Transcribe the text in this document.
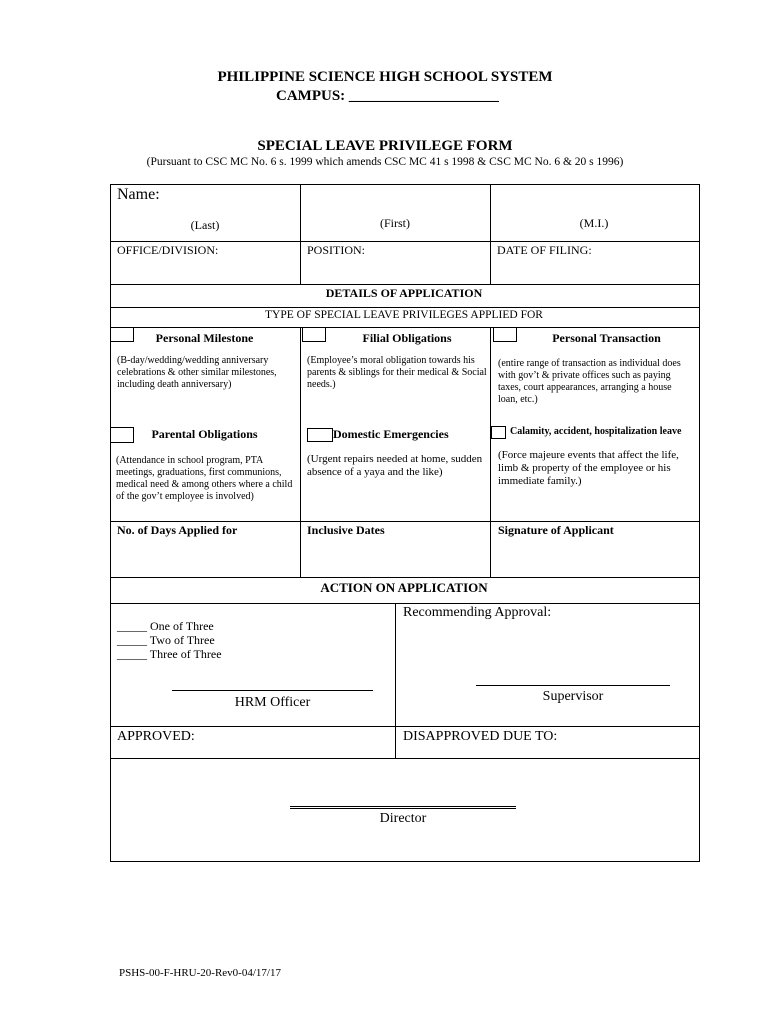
PHILIPPINE SCIENCE HIGH SCHOOL SYSTEM
CAMPUS: ____________________
SPECIAL LEAVE PRIVILEGE FORM
(Pursuant to CSC MC No. 6 s. 1999 which amends CSC MC 41 s 1998 & CSC MC No. 6 & 20 s 1996)
Name:
(Last)	(First)	(M.I.)
OFFICE/DIVISION:	POSITION:	DATE OF FILING:
DETAILS OF APPLICATION
TYPE OF SPECIAL LEAVE PRIVILEGES APPLIED FOR
Personal Milestone
(B-day/wedding/wedding anniversary celebrations & other similar milestones, including death anniversary)
Filial Obligations
(Employee’s moral obligation towards his parents & siblings for their medical & Social needs.)
Personal Transaction
(entire range of transaction as individual does with gov’t & private offices such as paying taxes, court appearances, arranging a house loan, etc.)
Parental Obligations
(Attendance in school program, PTA meetings, graduations, first communions, medical need & among others where a child of the gov’t employee is involved)
Domestic Emergencies
(Urgent repairs needed at home, sudden absence of a yaya and the like)
Calamity, accident, hospitalization leave
(Force majeure events that affect the life, limb & property of the employee or his immediate family.)
No. of Days Applied for	Inclusive Dates	Signature of Applicant
ACTION ON APPLICATION
_____ One of Three
_____ Two of Three
_____ Three of Three
HRM Officer
Recommending Approval:
Supervisor
APPROVED:	DISAPPROVED DUE TO:
Director
PSHS-00-F-HRU-20-Rev0-04/17/17
